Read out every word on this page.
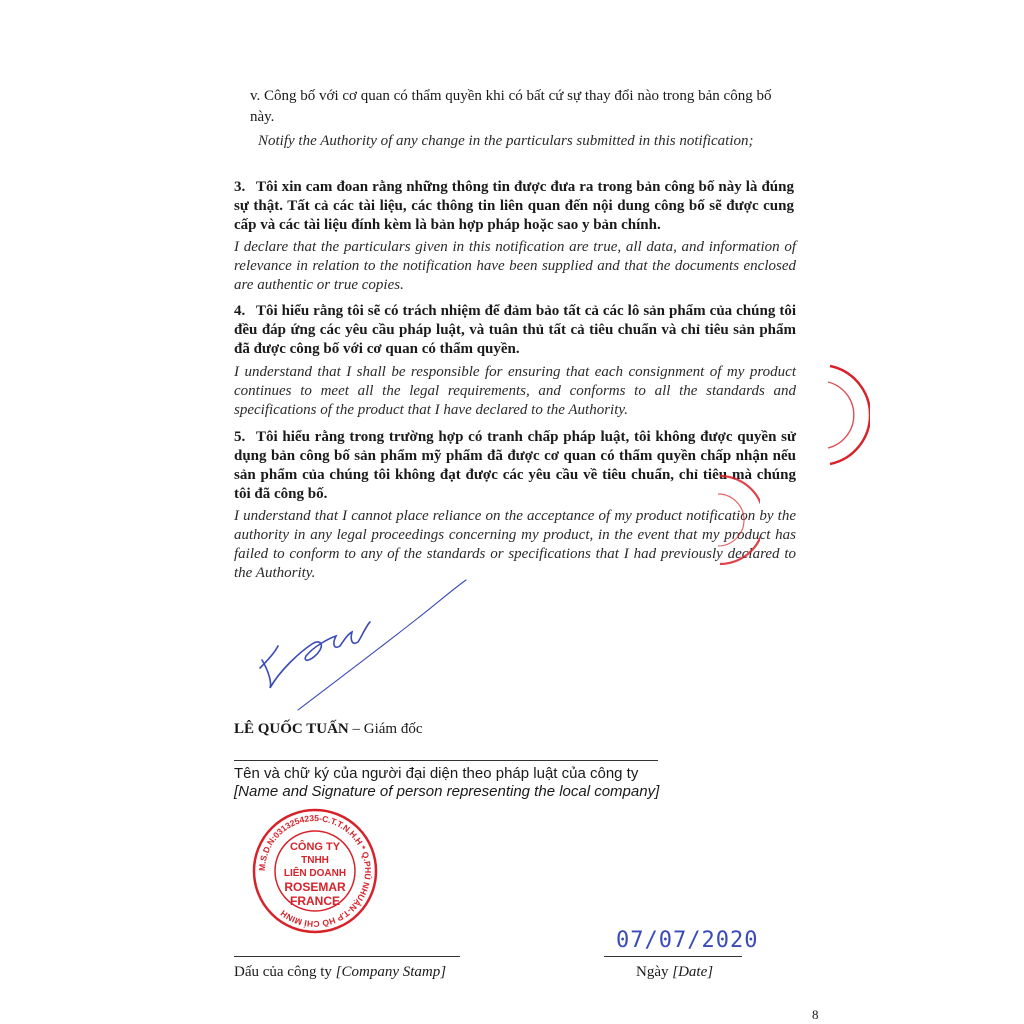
v. Công bố với cơ quan có thẩm quyền khi có bất cứ sự thay đổi nào trong bản công bố này.
Notify the Authority of any change in the particulars submitted in this notification;
3. Tôi xin cam đoan rằng những thông tin được đưa ra trong bản công bố này là đúng sự thật. Tất cả các tài liệu, các thông tin liên quan đến nội dung công bố sẽ được cung cấp và các tài liệu đính kèm là bản hợp pháp hoặc sao y bản chính.
I declare that the particulars given in this notification are true, all data, and information of relevance in relation to the notification have been supplied and that the documents enclosed are authentic or true copies.
4. Tôi hiểu rằng tôi sẽ có trách nhiệm để đảm bảo tất cả các lô sản phẩm của chúng tôi đều đáp ứng các yêu cầu pháp luật, và tuân thủ tất cả tiêu chuẩn và chỉ tiêu sản phẩm đã được công bố với cơ quan có thẩm quyền.
I understand that I shall be responsible for ensuring that each consignment of my product continues to meet all the legal requirements, and conforms to all the standards and specifications of the product that I have declared to the Authority.
5. Tôi hiểu rằng trong trường hợp có tranh chấp pháp luật, tôi không được quyền sử dụng bản công bố sản phẩm mỹ phẩm đã được cơ quan có thẩm quyền chấp nhận nếu sản phẩm của chúng tôi không đạt được các yêu cầu về tiêu chuẩn, chỉ tiêu mà chúng tôi đã công bố.
I understand that I cannot place reliance on the acceptance of my product notification by the authority in any legal proceedings concerning my product, in the event that my product has failed to conform to any of the standards or specifications that I had previously declared to the Authority.
LÊ QUỐC TUẤN – Giám đốc
Tên và chữ ký của người đại diện theo pháp luật của công ty
[Name and Signature of person representing the local company]
M.S.D.N:0313254235-C.T.T.N.H.H * Q.PHÚ NHUẬN-T.P HỒ CHÍ MINH
CÔNG TY
TNHH
LIÊN DOANH
ROSEMAR
FRANCE
07/07/2020
Dấu của công ty [Company Stamp]	Ngày [Date]
8
